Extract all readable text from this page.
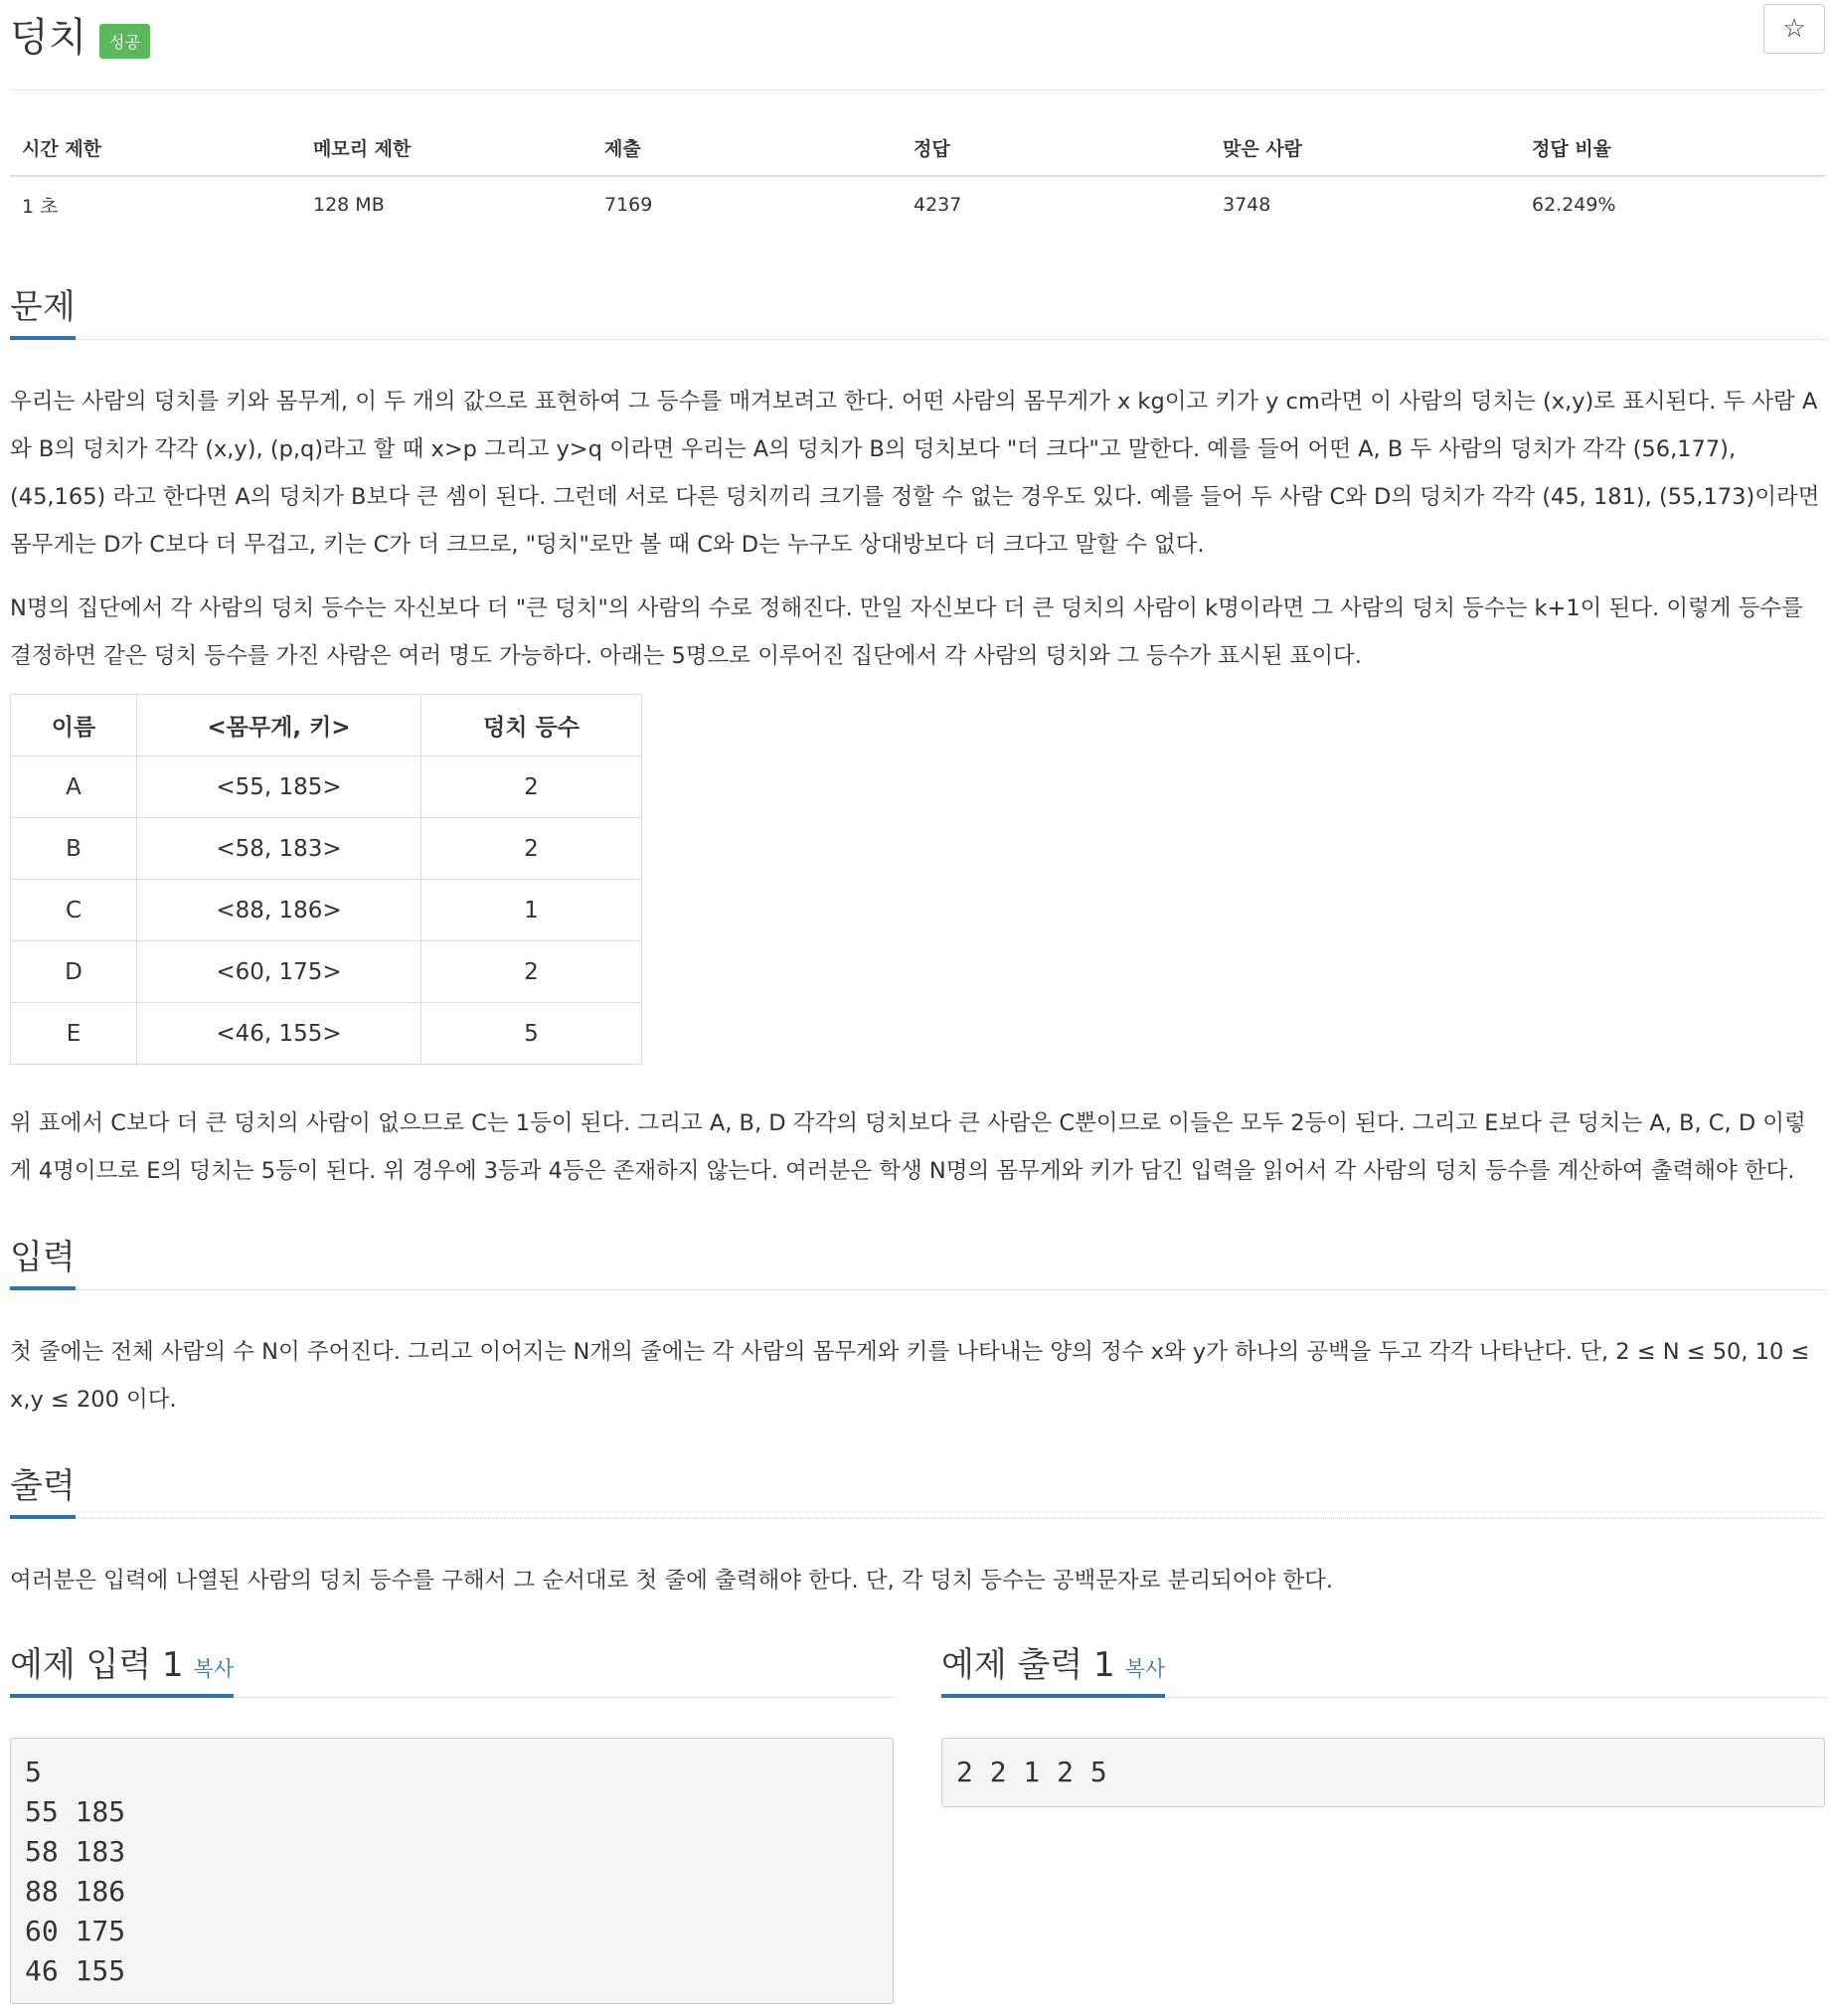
덩치	성공	☆
시간 제한	메모리 제한	제출	정답	맞은 사람	정답 비율
1 초	128 MB	7169	4237	3748	62.249%
문제

우리는 사람의 덩치를 키와 몸무게, 이 두 개의 값으로 표현하여 그 등수를 매겨보려고 한다. 어떤 사람의 몸무게가 x kg이고 키가 y cm라면 이 사람의 덩치는 (x,y)로 표시된다. 두 사람 A 와 B의 덩치가 각각 (x,y), (p,q)라고 할 때 x>p 그리고 y>q 이라면 우리는 A의 덩치가 B의 덩치보다 "더 크다"고 말한다. 예를 들어 어떤 A, B 두 사람의 덩치가 각각 (56,177), (45,165) 라고 한다면 A의 덩치가 B보다 큰 셈이 된다. 그런데 서로 다른 덩치끼리 크기를 정할 수 없는 경우도 있다. 예를 들어 두 사람 C와 D의 덩치가 각각 (45, 181), (55,173)이라면 몸무게는 D가 C보다 더 무겁고, 키는 C가 더 크므로, "덩치"로만 볼 때 C와 D는 누구도 상대방보다 더 크다고 말할 수 없다.

N명의 집단에서 각 사람의 덩치 등수는 자신보다 더 "큰 덩치"의 사람의 수로 정해진다. 만일 자신보다 더 큰 덩치의 사람이 k명이라면 그 사람의 덩치 등수는 k+1이 된다. 이렇게 등수를 결정하면 같은 덩치 등수를 가진 사람은 여러 명도 가능하다. 아래는 5명으로 이루어진 집단에서 각 사람의 덩치와 그 등수가 표시된 표이다.

이름	<몸무게, 키>	덩치 등수
A	<55, 185>	2
B	<58, 183>	2
C	<88, 186>	1
D	<60, 175>	2
E	<46, 155>	5

위 표에서 C보다 더 큰 덩치의 사람이 없으므로 C는 1등이 된다. 그리고 A, B, D 각각의 덩치보다 큰 사람은 C뿐이므로 이들은 모두 2등이 된다. 그리고 E보다 큰 덩치는 A, B, C, D 이렇게 4명이므로 E의 덩치는 5등이 된다. 위 경우에 3등과 4등은 존재하지 않는다. 여러분은 학생 N명의 몸무게와 키가 담긴 입력을 읽어서 각 사람의 덩치 등수를 계산하여 출력해야 한다.

입력

첫 줄에는 전체 사람의 수 N이 주어진다. 그리고 이어지는 N개의 줄에는 각 사람의 몸무게와 키를 나타내는 양의 정수 x와 y가 하나의 공백을 두고 각각 나타난다. 단, 2 ≤ N ≤ 50, 10 ≤ x,y ≤ 200 이다.

출력

여러분은 입력에 나열된 사람의 덩치 등수를 구해서 그 순서대로 첫 줄에 출력해야 한다. 단, 각 덩치 등수는 공백문자로 분리되어야 한다.

예제 입력 1 복사
5
55 185
58 183
88 186
60 175
46 155
예제 출력 1 복사
2 2 1 2 5
